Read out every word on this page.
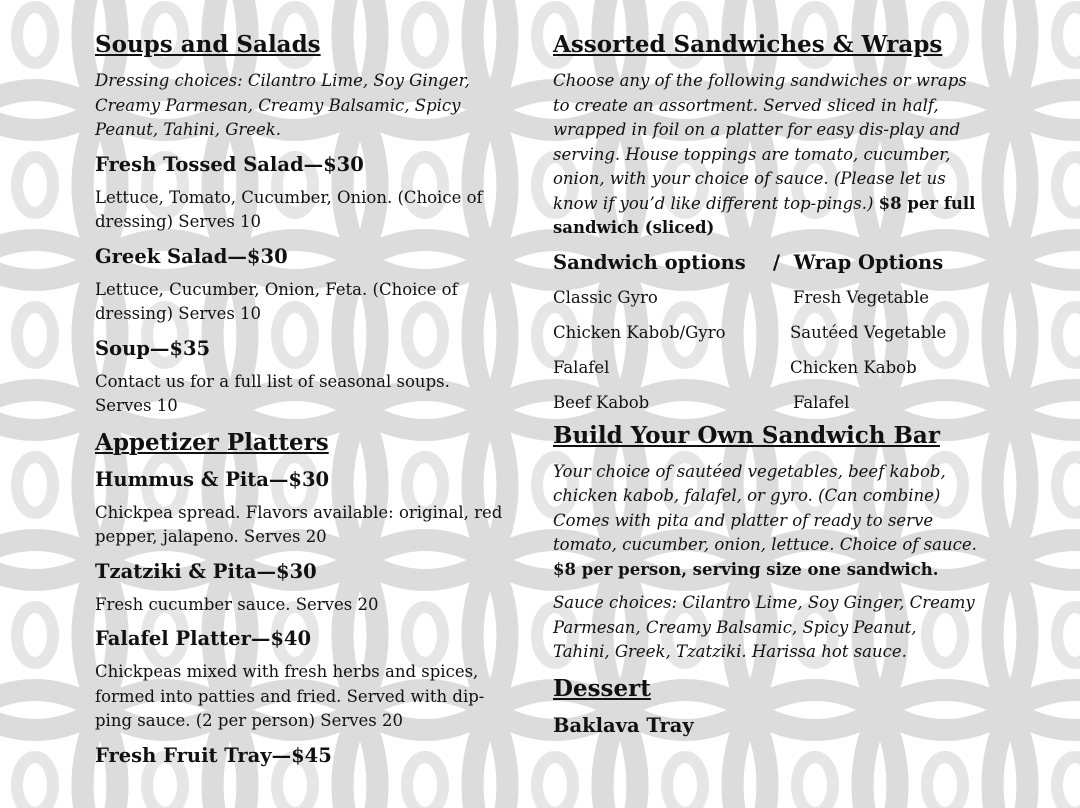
Soups and Salads
Dressing choices: Cilantro Lime, Soy Ginger, Creamy Parmesan, Creamy Balsamic, Spicy Peanut, Tahini, Greek.
Fresh Tossed Salad—$30
Lettuce, Tomato, Cucumber, Onion. (Choice of dressing) Serves 10
Greek Salad—$30
Lettuce, Cucumber, Onion, Feta. (Choice of dressing) Serves 10
Soup—$35
Contact us for a full list of seasonal soups. Serves 10
Appetizer Platters
Hummus & Pita—$30
Chickpea spread. Flavors available: original, red pepper, jalapeno. Serves 20
Tzatziki & Pita—$30
Fresh cucumber sauce. Serves 20
Falafel Platter—$40
Chickpeas mixed with fresh herbs and spices, formed into patties and fried. Served with dip-ping sauce. (2 per person) Serves 20
Fresh Fruit Tray—$45
Assorted Sandwiches & Wraps
Choose any of the following sandwiches or wraps to create an assortment. Served sliced in half, wrapped in foil on a platter for easy dis-play and serving. House toppings are tomato, cucumber, onion, with your choice of sauce. (Please let us know if you’d like different top-pings.) $8 per full sandwich (sliced)
Sandwich options    /  Wrap Options
Classic Gyro	Fresh Vegetable
Chicken Kabob/Gyro	Sautéed Vegetable
Falafel	Chicken Kabob
Beef Kabob	Falafel
Build Your Own Sandwich Bar
Your choice of sautéed vegetables, beef kabob, chicken kabob, falafel, or gyro. (Can combine) Comes with pita and platter of ready to serve tomato, cucumber, onion, lettuce. Choice of sauce. $8 per person, serving size one sandwich.
Sauce choices: Cilantro Lime, Soy Ginger, Creamy Parmesan, Creamy Balsamic, Spicy Peanut, Tahini, Greek, Tzatziki. Harissa hot sauce.
Dessert
Baklava Tray
